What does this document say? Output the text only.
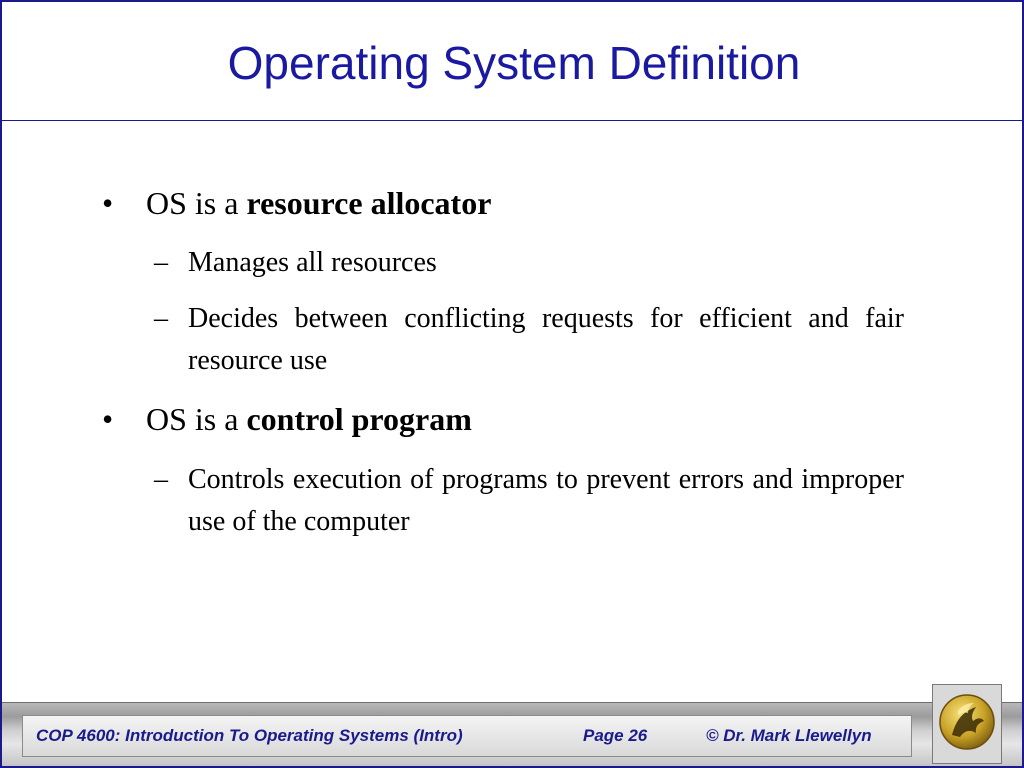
Operating System Definition
•	OS is a resource allocator
– Manages all resources
– Decides between conflicting requests for efficient and fair resource use
•	OS is a control program
– Controls execution of programs to prevent errors and improper use of the computer
COP 4600: Introduction To Operating Systems (Intro)	Page 26	© Dr. Mark Llewellyn
